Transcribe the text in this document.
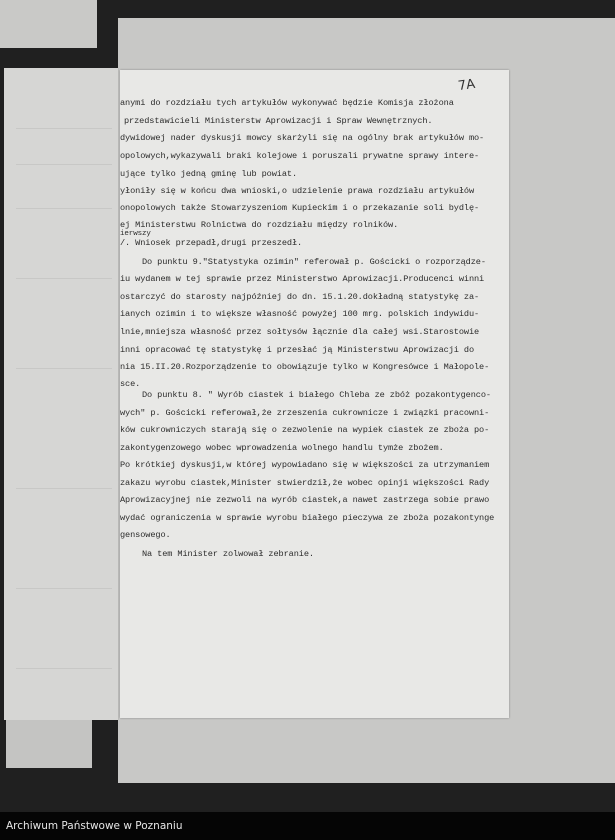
7A
anymi do rozdziału tych artykułów wykonywać będzie Komisja złożona
przedstawicieli Ministerstw Aprowizacji i Spraw Wewnętrznych.
dywidowej nader dyskusji mowcy skarżyli się na ogólny brak artykułów mo-
opolowych,wykazywali braki kolejowe i poruszali prywatne sprawy intere-
ujące tylko jedną gminę lub powiat.
yłoniły się w końcu dwa wnioski,o udzielenie prawa rozdziału artykułów
onopolowych także Stowarzyszeniom Kupieckim i o przekazanie soli bydlę-
ej Ministerstwu Rolnictwa do rozdziału między rolników.
ierwszy
/. Wniosek przepadł,drugi przeszedł.
Do punktu 9."Statystyka ozimin" referował p. Gościcki o rozporządze-
iu wydanem w tej sprawie przez Ministerstwo Aprowizacji.Producenci winni
ostarczyć do starosty najpóźniej do dn. 15.1.20.dokładną statystykę za-
ianych ozimin i to większe własność powyżej 100 mrg. polskich indywidu-
lnie,mniejsza własność przez sołtysów łącznie dla całej wsi.Starostowie
inni opracować tę statystykę i przesłać ją Ministerstwu Aprowizacji do
nia 15.II.20.Rozporządzenie to obowiązuje tylko w Kongresówce i Małopole-
sce.
Do punktu 8. " Wyrób ciastek i białego Chleba ze zbóż pozakontygenco-
wych" p. Gościcki referował,że zrzeszenia cukrownicze i związki pracowni-
ków cukrowniczych starają się o zezwolenie na wypiek ciastek ze zboża po-
zakontygenzowego wobec wprowadzenia wolnego handlu tymże zbożem.
Po krótkiej dyskusji,w której wypowiadano się w większości za utrzymaniem
zakazu wyrobu ciastek,Minister stwierdził,że wobec opinji większości Rady
Aprowizacyjnej nie zezwoli na wyrób ciastek,a nawet zastrzega sobie prawo
wydać ograniczenia w sprawie wyrobu białego pieczywa ze zboża pozakontynge
gensowego.
Na tem Minister zolwował zebranie.
Archiwum Państwowe w Poznaniu
